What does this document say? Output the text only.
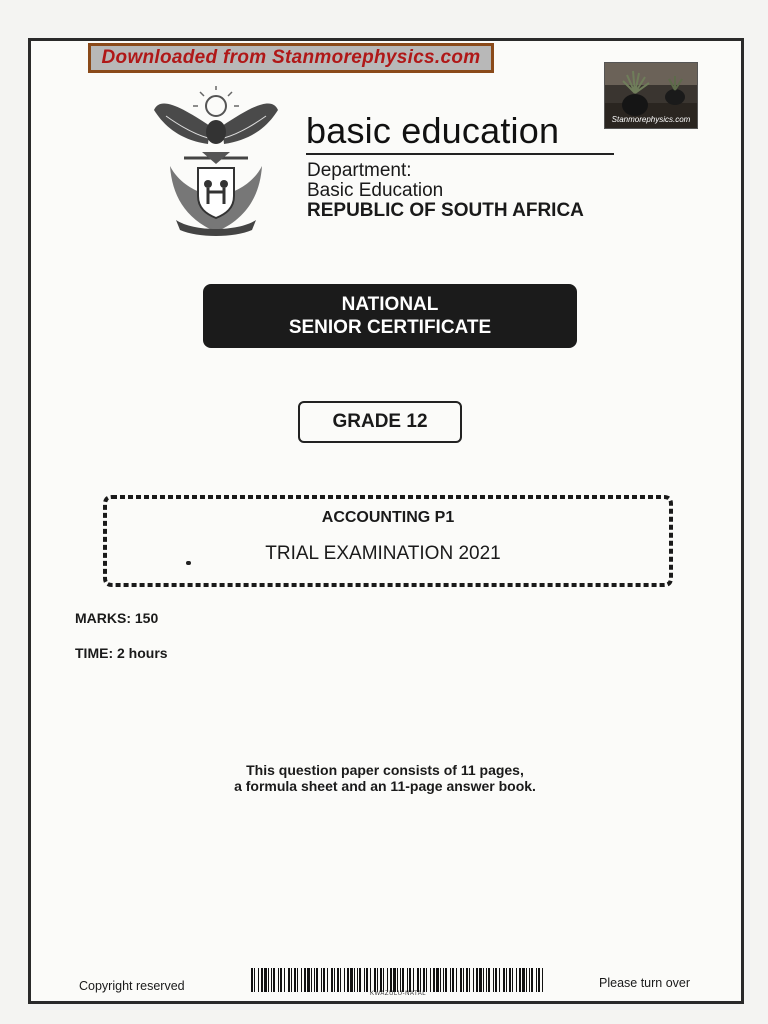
Downloaded from Stanmorephysics.com
Stanmorephysics.com
basic education
Department:
Basic Education
REPUBLIC OF SOUTH AFRICA
NATIONAL
SENIOR CERTIFICATE
GRADE 12
ACCOUNTING P1
TRIAL EXAMINATION 2021
MARKS: 150
TIME: 2 hours
This question paper consists of 11 pages,
a formula sheet and an 11-page answer book.
Copyright reserved
KWAZULU-NATAL
Please turn over
